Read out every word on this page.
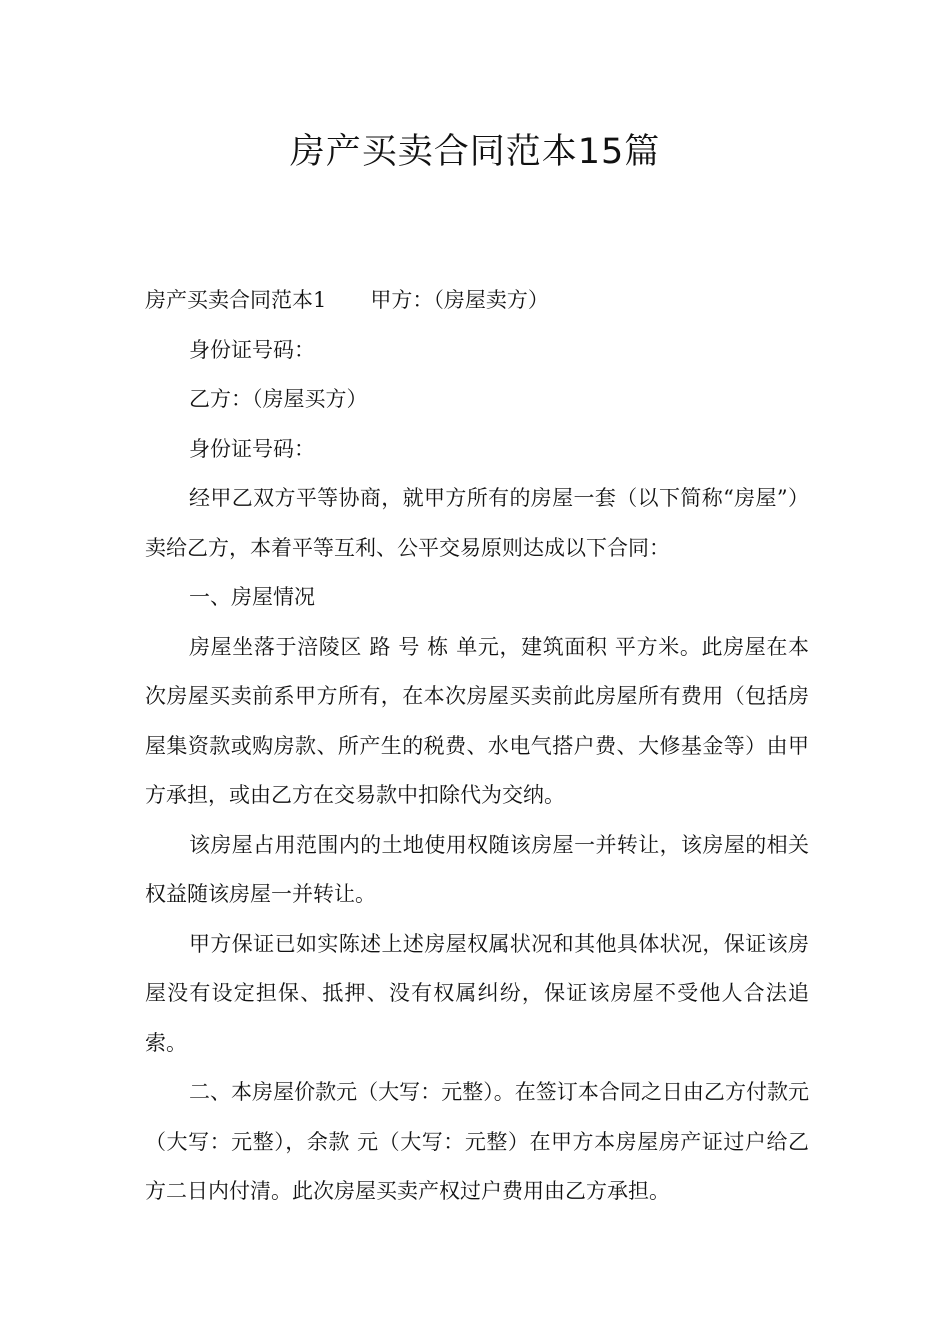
房产买卖合同范本15篇

房产买卖合同范本1 甲方：（房屋卖方）

身份证号码：

乙方：（房屋买方）

身份证号码：

经甲乙双方平等协商，就甲方所有的房屋一套（以下简称“房屋”）卖给乙方，本着平等互利、公平交易原则达成以下合同：

一、房屋情况

房屋坐落于涪陵区 路 号 栋 单元，建筑面积 平方米。此房屋在本次房屋买卖前系甲方所有，在本次房屋买卖前此房屋所有费用（包括房屋集资款或购房款、所产生的税费、水电气搭户费、大修基金等）由甲方承担，或由乙方在交易款中扣除代为交纳。

该房屋占用范围内的土地使用权随该房屋一并转让，该房屋的相关权益随该房屋一并转让。

甲方保证已如实陈述上述房屋权属状况和其他具体状况，保证该房屋没有设定担保、抵押、没有权属纠纷，保证该房屋不受他人合法追索。

二、本房屋价款元（大写：元整）。在签订本合同之日由乙方付款元（大写：元整），余款 元（大写：元整）在甲方本房屋房产证过户给乙方二日内付清。此次房屋买卖产权过户费用由乙方承担。
